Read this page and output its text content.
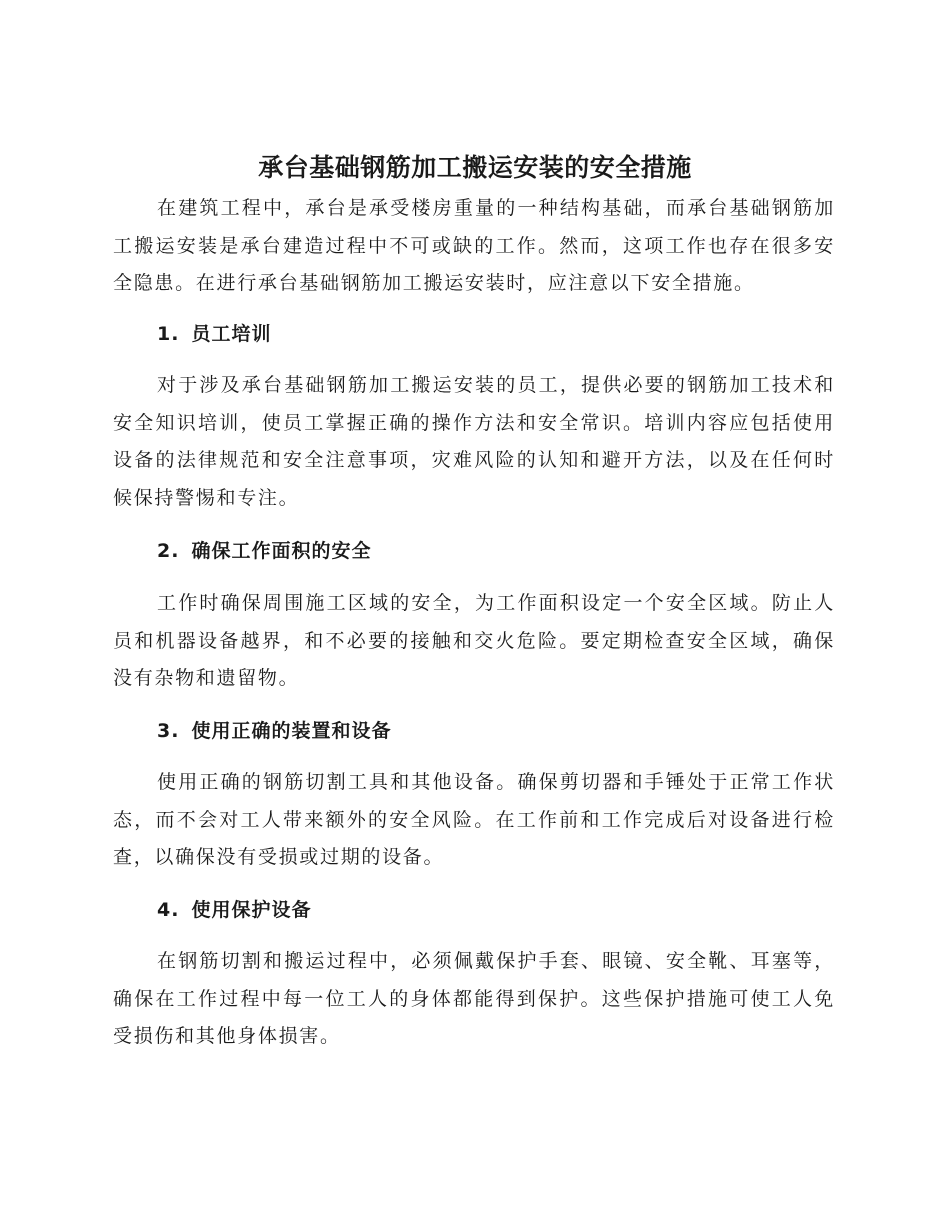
承台基础钢筋加工搬运安装的安全措施

在建筑工程中，承台是承受楼房重量的一种结构基础，而承台基础钢筋加工搬运安装是承台建造过程中不可或缺的工作。然而，这项工作也存在很多安全隐患。在进行承台基础钢筋加工搬运安装时，应注意以下安全措施。

1. 员工培训

对于涉及承台基础钢筋加工搬运安装的员工，提供必要的钢筋加工技术和安全知识培训，使员工掌握正确的操作方法和安全常识。培训内容应包括使用设备的法律规范和安全注意事项，灾难风险的认知和避开方法，以及在任何时候保持警惕和专注。

2. 确保工作面积的安全

工作时确保周围施工区域的安全，为工作面积设定一个安全区域。防止人员和机器设备越界，和不必要的接触和交火危险。要定期检查安全区域，确保没有杂物和遗留物。

3. 使用正确的装置和设备

使用正确的钢筋切割工具和其他设备。确保剪切器和手锤处于正常工作状态，而不会对工人带来额外的安全风险。在工作前和工作完成后对设备进行检查，以确保没有受损或过期的设备。

4. 使用保护设备

在钢筋切割和搬运过程中，必须佩戴保护手套、眼镜、安全靴、耳塞等，确保在工作过程中每一位工人的身体都能得到保护。这些保护措施可使工人免受损伤和其他身体损害。
